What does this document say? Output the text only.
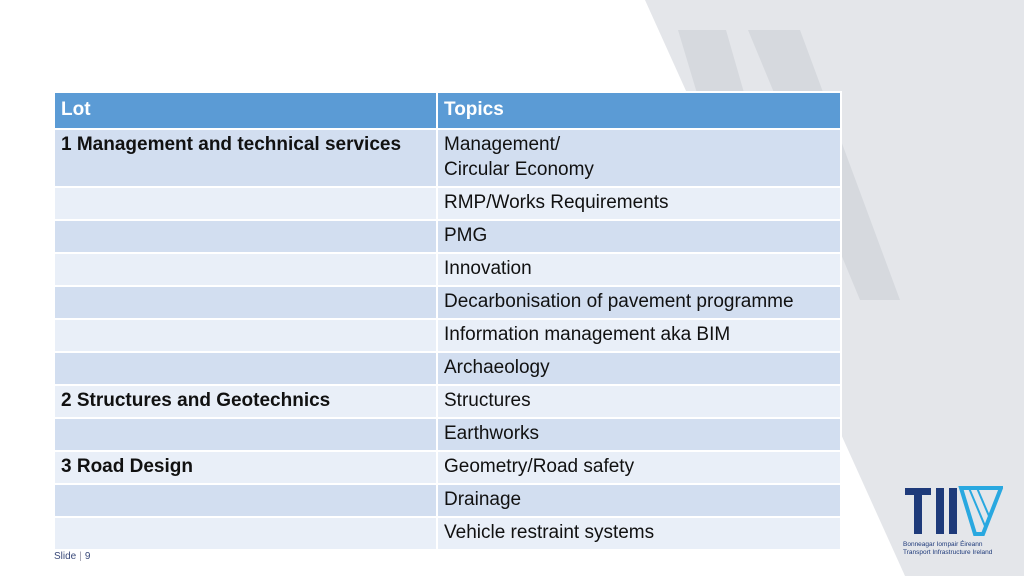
Lot	Topics
1 Management and technical services	Management/
Circular Economy
	RMP/Works Requirements
	PMG
	Innovation
	Decarbonisation of pavement programme
	Information management aka BIM
	Archaeology
2 Structures and Geotechnics	Structures
	Earthworks
3 Road Design	Geometry/Road safety
	Drainage
	Vehicle restraint systems
Bonneagar Iompair Éireann
Transport Infrastructure Ireland
Slide | 9
